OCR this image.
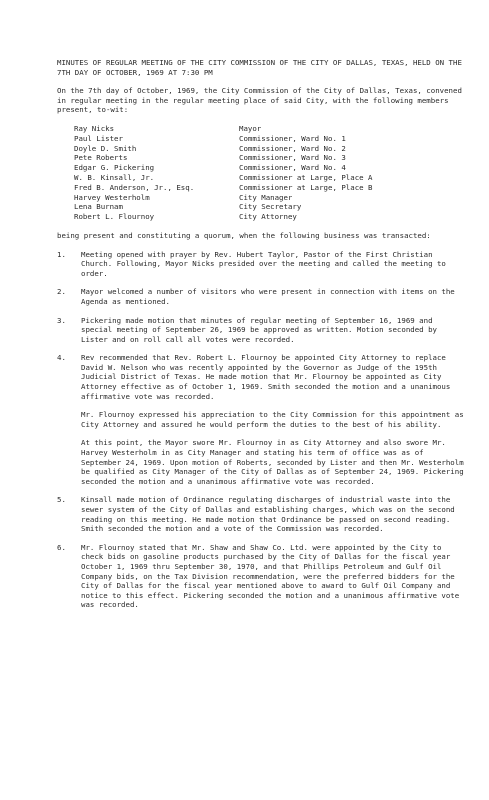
MINUTES OF REGULAR MEETING OF THE CITY COMMISSION OF THE CITY OF DALLAS, TEXAS, HELD ON THE 7TH DAY OF OCTOBER, 1969 AT 7:30 PM
On the 7th day of October, 1969, the City Commission of the City of Dallas, Texas, convened in regular meeting in the regular meeting place of said City, with the following members present, to-wit:
Ray Nicks	Mayor
Paul Lister	Commissioner, Ward No. 1
Doyle D. Smith	Commissioner, Ward No. 2
Pete Roberts	Commissioner, Ward No. 3
Edgar G. Pickering	Commissioner, Ward No. 4
W. B. Kinsall, Jr.	Commissioner at Large, Place A
Fred B. Anderson, Jr., Esq.	Commissioner at Large, Place B
Harvey Westerholm	City Manager
Lena Burnam	City Secretary
Robert L. Flournoy	City Attorney
being present and constituting a quorum, when the following business was transacted:
1.	Meeting opened with prayer by Rev. Hubert Taylor, Pastor of the First Christian Church. Following, Mayor Nicks presided over the meeting and called the meeting to order.
2.	Mayor welcomed a number of visitors who were present in connection with items on the Agenda as mentioned.
3.	Pickering made motion that minutes of regular meeting of September 16, 1969 and special meeting of September 26, 1969 be approved as written. Motion seconded by Lister and on roll call all votes were recorded.
4.	Rev recommended that Rev. Robert L. Flournoy be appointed City Attorney to replace David W. Nelson who was recently appointed by the Governor as Judge of the 195th Judicial District of Texas. He made motion that Mr. Flournoy be appointed as City Attorney effective as of October 1, 1969. Smith seconded the motion and a unanimous affirmative vote was recorded.
Mr. Flournoy expressed his appreciation to the City Commission for this appointment as City Attorney and assured he would perform the duties to the best of his ability.
At this point, the Mayor swore Mr. Flournoy in as City Attorney and also swore Mr. Harvey Westerholm in as City Manager and stating his term of office was as of September 24, 1969. Upon motion of Roberts, seconded by Lister and then Mr. Westerholm be qualified as City Manager of the City of Dallas as of September 24, 1969. Pickering seconded the motion and a unanimous affirmative vote was recorded.
5.	Kinsall made motion of Ordinance regulating discharges of industrial waste into the sewer system of the City of Dallas and establishing charges, which was on the second reading on this meeting. He made motion that Ordinance be passed on second reading. Smith seconded the motion and a vote of the Commission was recorded.
6.	Mr. Flournoy stated that Mr. Shaw and Shaw Co. Ltd. were appointed by the City to check bids on gasoline products purchased by the City of Dallas for the fiscal year October 1, 1969 thru September 30, 1970, and that Phillips Petroleum and Gulf Oil Company bids, on the Tax Division recommendation, were the preferred bidders for the City of Dallas for the fiscal year mentioned above to award to Gulf Oil Company and notice to this effect. Pickering seconded the motion and a unanimous affirmative vote was recorded.
